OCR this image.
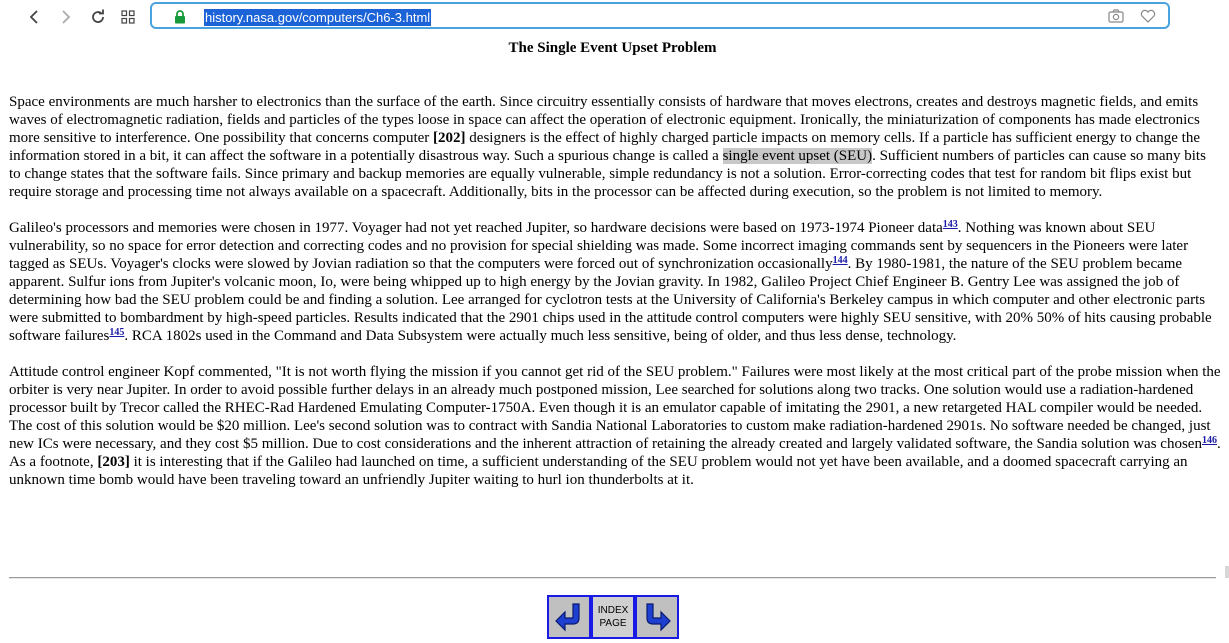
history.nasa.gov/computers/Ch6-3.html
The Single Event Upset Problem

Space environments are much harsher to electronics than the surface of the earth. Since circuitry essentially consists of hardware that moves electrons, creates and destroys magnetic fields, and emits waves of electromagnetic radiation, fields and particles of the types loose in space can affect the operation of electronic equipment. Ironically, the miniaturization of components has made electronics more sensitive to interference. One possibility that concerns computer [202] designers is the effect of highly charged particle impacts on memory cells. If a particle has sufficient energy to change the information stored in a bit, it can affect the software in a potentially disastrous way. Such a spurious change is called a single event upset (SEU). Sufficient numbers of particles can cause so many bits to change states that the software fails. Since primary and backup memories are equally vulnerable, simple redundancy is not a solution. Error-correcting codes that test for random bit flips exist but require storage and processing time not always available on a spacecraft. Additionally, bits in the processor can be affected during execution, so the problem is not limited to memory.

Galileo's processors and memories were chosen in 1977. Voyager had not yet reached Jupiter, so hardware decisions were based on 1973-1974 Pioneer data$^{143}$. Nothing was known about SEU vulnerability, so no space for error detection and correcting codes and no provision for special shielding was made. Some incorrect imaging commands sent by sequencers in the Pioneers were later tagged as SEUs. Voyager's clocks were slowed by Jovian radiation so that the computers were forced out of synchronization occasionally$^{144}$. By 1980-1981, the nature of the SEU problem became apparent. Sulfur ions from Jupiter's volcanic moon, Io, were being whipped up to high energy by the Jovian gravity. In 1982, Galileo Project Chief Engineer B. Gentry Lee was assigned the job of determining how bad the SEU problem could be and finding a solution. Lee arranged for cyclotron tests at the University of California's Berkeley campus in which computer and other electronic parts were submitted to bombardment by high-speed particles. Results indicated that the 2901 chips used in the attitude control computers were highly SEU sensitive, with 20% 50% of hits causing probable software failures$^{145}$. RCA 1802s used in the Command and Data Subsystem were actually much less sensitive, being of older, and thus less dense, technology.

Attitude control engineer Kopf commented, "It is not worth flying the mission if you cannot get rid of the SEU problem." Failures were most likely at the most critical part of the probe mission when the orbiter is very near Jupiter. In order to avoid possible further delays in an already much postponed mission, Lee searched for solutions along two tracks. One solution would use a radiation-hardened processor built by Trecor called the RHEC-Rad Hardened Emulating Computer-1750A. Even though it is an emulator capable of imitating the 2901, a new retargeted HAL compiler would be needed. The cost of this solution would be $20 million. Lee's second solution was to contract with Sandia National Laboratories to custom make radiation-hardened 2901s. No software needed be changed, just new ICs were necessary, and they cost $5 million. Due to cost considerations and the inherent attraction of retaining the already created and largely validated software, the Sandia solution was chosen$^{146}$. As a footnote, [203] it is interesting that if the Galileo had launched on time, a sufficient understanding of the SEU problem would not yet have been available, and a doomed spacecraft carrying an unknown time bomb would have been traveling toward an unfriendly Jupiter waiting to hurl ion thunderbolts at it.

INDEX
PAGE
